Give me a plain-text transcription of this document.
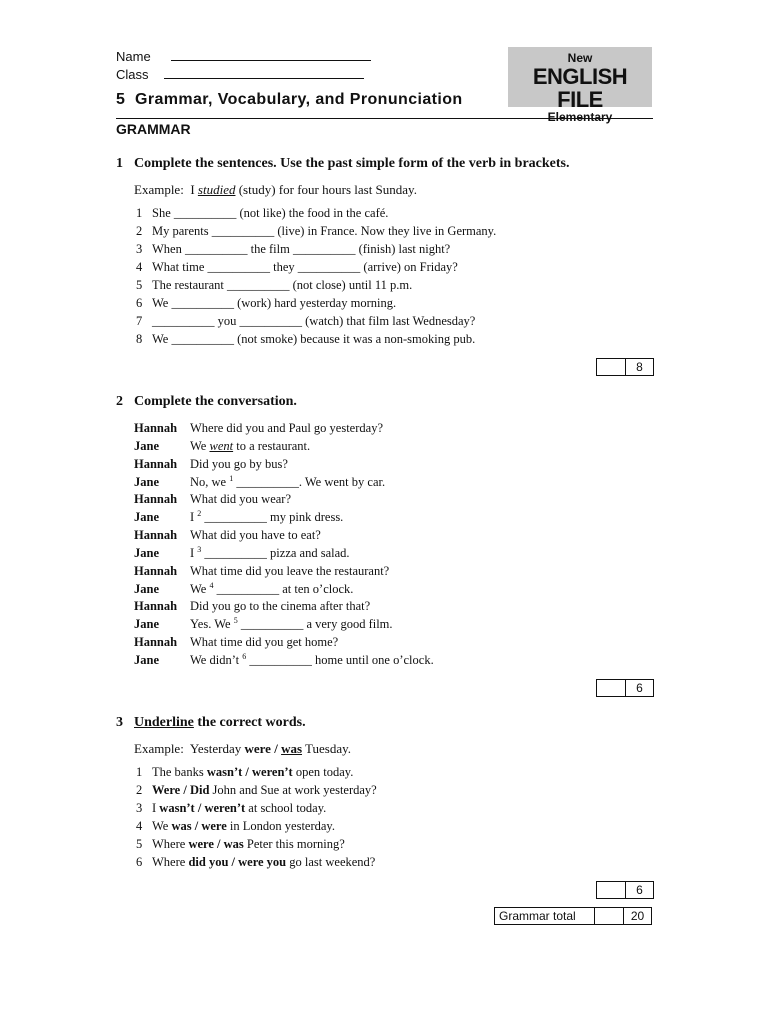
Name
Class
New
ENGLISH FILE
Elementary
5  Grammar, Vocabulary, and Pronunciation
GRAMMAR
1 Complete the sentences. Use the past simple form of the verb in brackets.
Example:  I studied (study) for four hours last Sunday.
1 She __________ (not like) the food in the café.
2 My parents __________ (live) in France. Now they live in Germany.
3 When __________ the film __________ (finish) last night?
4 What time __________ they __________ (arrive) on Friday?
5 The restaurant __________ (not close) until 11 p.m.
6 We __________ (work) hard yesterday morning.
7 __________ you __________ (watch) that film last Wednesday?
8 We __________ (not smoke) because it was a non-smoking pub.
8
2 Complete the conversation.
Hannah Where did you and Paul go yesterday?
Jane We went to a restaurant.
Hannah Did you go by bus?
Jane No, we $^1$ __________. We went by car.
Hannah What did you wear?
Jane I $^2$ __________ my pink dress.
Hannah What did you have to eat?
Jane I $^3$ __________ pizza and salad.
Hannah What time did you leave the restaurant?
Jane We $^4$ __________ at ten o’clock.
Hannah Did you go to the cinema after that?
Jane Yes. We $^5$ __________ a very good film.
Hannah What time did you get home?
Jane We didn’t $^6$ __________ home until one o’clock.
6
3 Underline the correct words.
Example:  Yesterday were / was Tuesday.
1 The banks wasn’t / weren’t open today.
2 Were / Did John and Sue at work yesterday?
3 I wasn’t / weren’t at school today.
4 We was / were in London yesterday.
5 Where were / was Peter this morning?
6 Where did you / were you go last weekend?
6
Grammar total	20
